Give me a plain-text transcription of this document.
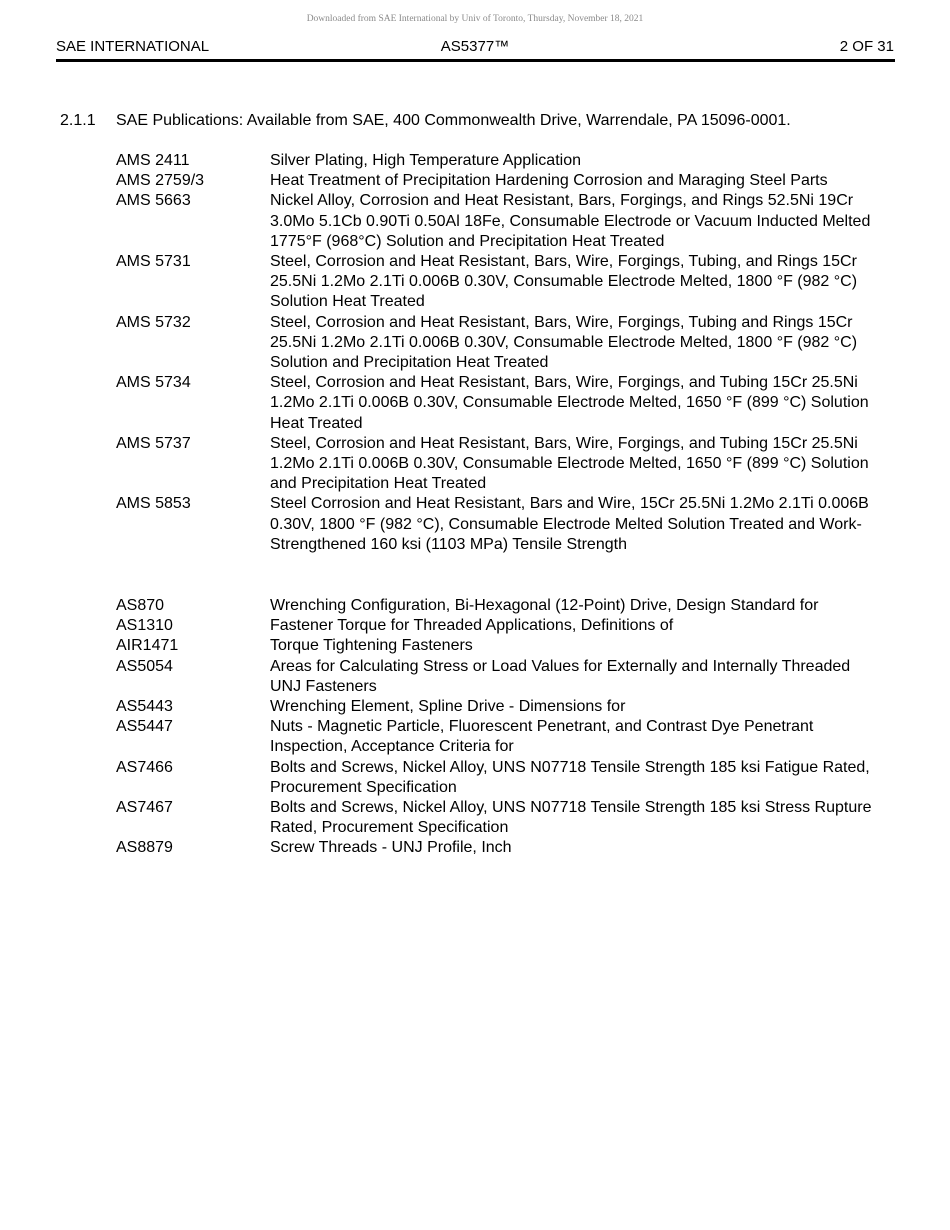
Downloaded from SAE International by Univ of Toronto, Thursday, November 18, 2021
AS5377™
SAE INTERNATIONAL	2 OF 31
2.1.1 SAE Publications: Available from SAE, 400 Commonwealth Drive, Warrendale, PA 15096-0001.
AMS 2411	Silver Plating, High Temperature Application
AMS 2759/3	Heat Treatment of Precipitation Hardening Corrosion and Maraging Steel Parts
AMS 5663	Nickel Alloy, Corrosion and Heat Resistant, Bars, Forgings, and Rings 52.5Ni 19Cr 3.0Mo 5.1Cb 0.90Ti 0.50Al 18Fe, Consumable Electrode or Vacuum Inducted Melted 1775°F (968°C) Solution and Precipitation Heat Treated
AMS 5731	Steel, Corrosion and Heat Resistant, Bars, Wire, Forgings, Tubing, and Rings 15Cr 25.5Ni 1.2Mo 2.1Ti 0.006B 0.30V, Consumable Electrode Melted, 1800 °F (982 °C) Solution Heat Treated
AMS 5732	Steel, Corrosion and Heat Resistant, Bars, Wire, Forgings, Tubing and Rings 15Cr 25.5Ni 1.2Mo 2.1Ti 0.006B 0.30V, Consumable Electrode Melted, 1800 °F (982 °C) Solution and Precipitation Heat Treated
AMS 5734	Steel, Corrosion and Heat Resistant, Bars, Wire, Forgings, and Tubing 15Cr 25.5Ni 1.2Mo 2.1Ti 0.006B 0.30V, Consumable Electrode Melted, 1650 °F (899 °C) Solution Heat Treated
AMS 5737	Steel, Corrosion and Heat Resistant, Bars, Wire, Forgings, and Tubing 15Cr 25.5Ni 1.2Mo 2.1Ti 0.006B 0.30V, Consumable Electrode Melted, 1650 °F (899 °C) Solution and Precipitation Heat Treated
AMS 5853	Steel Corrosion and Heat Resistant, Bars and Wire, 15Cr 25.5Ni 1.2Mo 2.1Ti 0.006B 0.30V, 1800 °F (982 °C), Consumable Electrode Melted Solution Treated and Work-Strengthened 160 ksi (1103 MPa) Tensile Strength
AS870	Wrenching Configuration, Bi-Hexagonal (12-Point) Drive, Design Standard for
AS1310	Fastener Torque for Threaded Applications, Definitions of
AIR1471	Torque Tightening Fasteners
AS5054	Areas for Calculating Stress or Load Values for Externally and Internally Threaded UNJ Fasteners
AS5443	Wrenching Element, Spline Drive - Dimensions for
AS5447	Nuts - Magnetic Particle, Fluorescent Penetrant, and Contrast Dye Penetrant Inspection, Acceptance Criteria for
AS7466	Bolts and Screws, Nickel Alloy, UNS N07718 Tensile Strength 185 ksi Fatigue Rated, Procurement Specification
AS7467	Bolts and Screws, Nickel Alloy, UNS N07718 Tensile Strength 185 ksi Stress Rupture Rated, Procurement Specification
AS8879	Screw Threads - UNJ Profile, Inch
